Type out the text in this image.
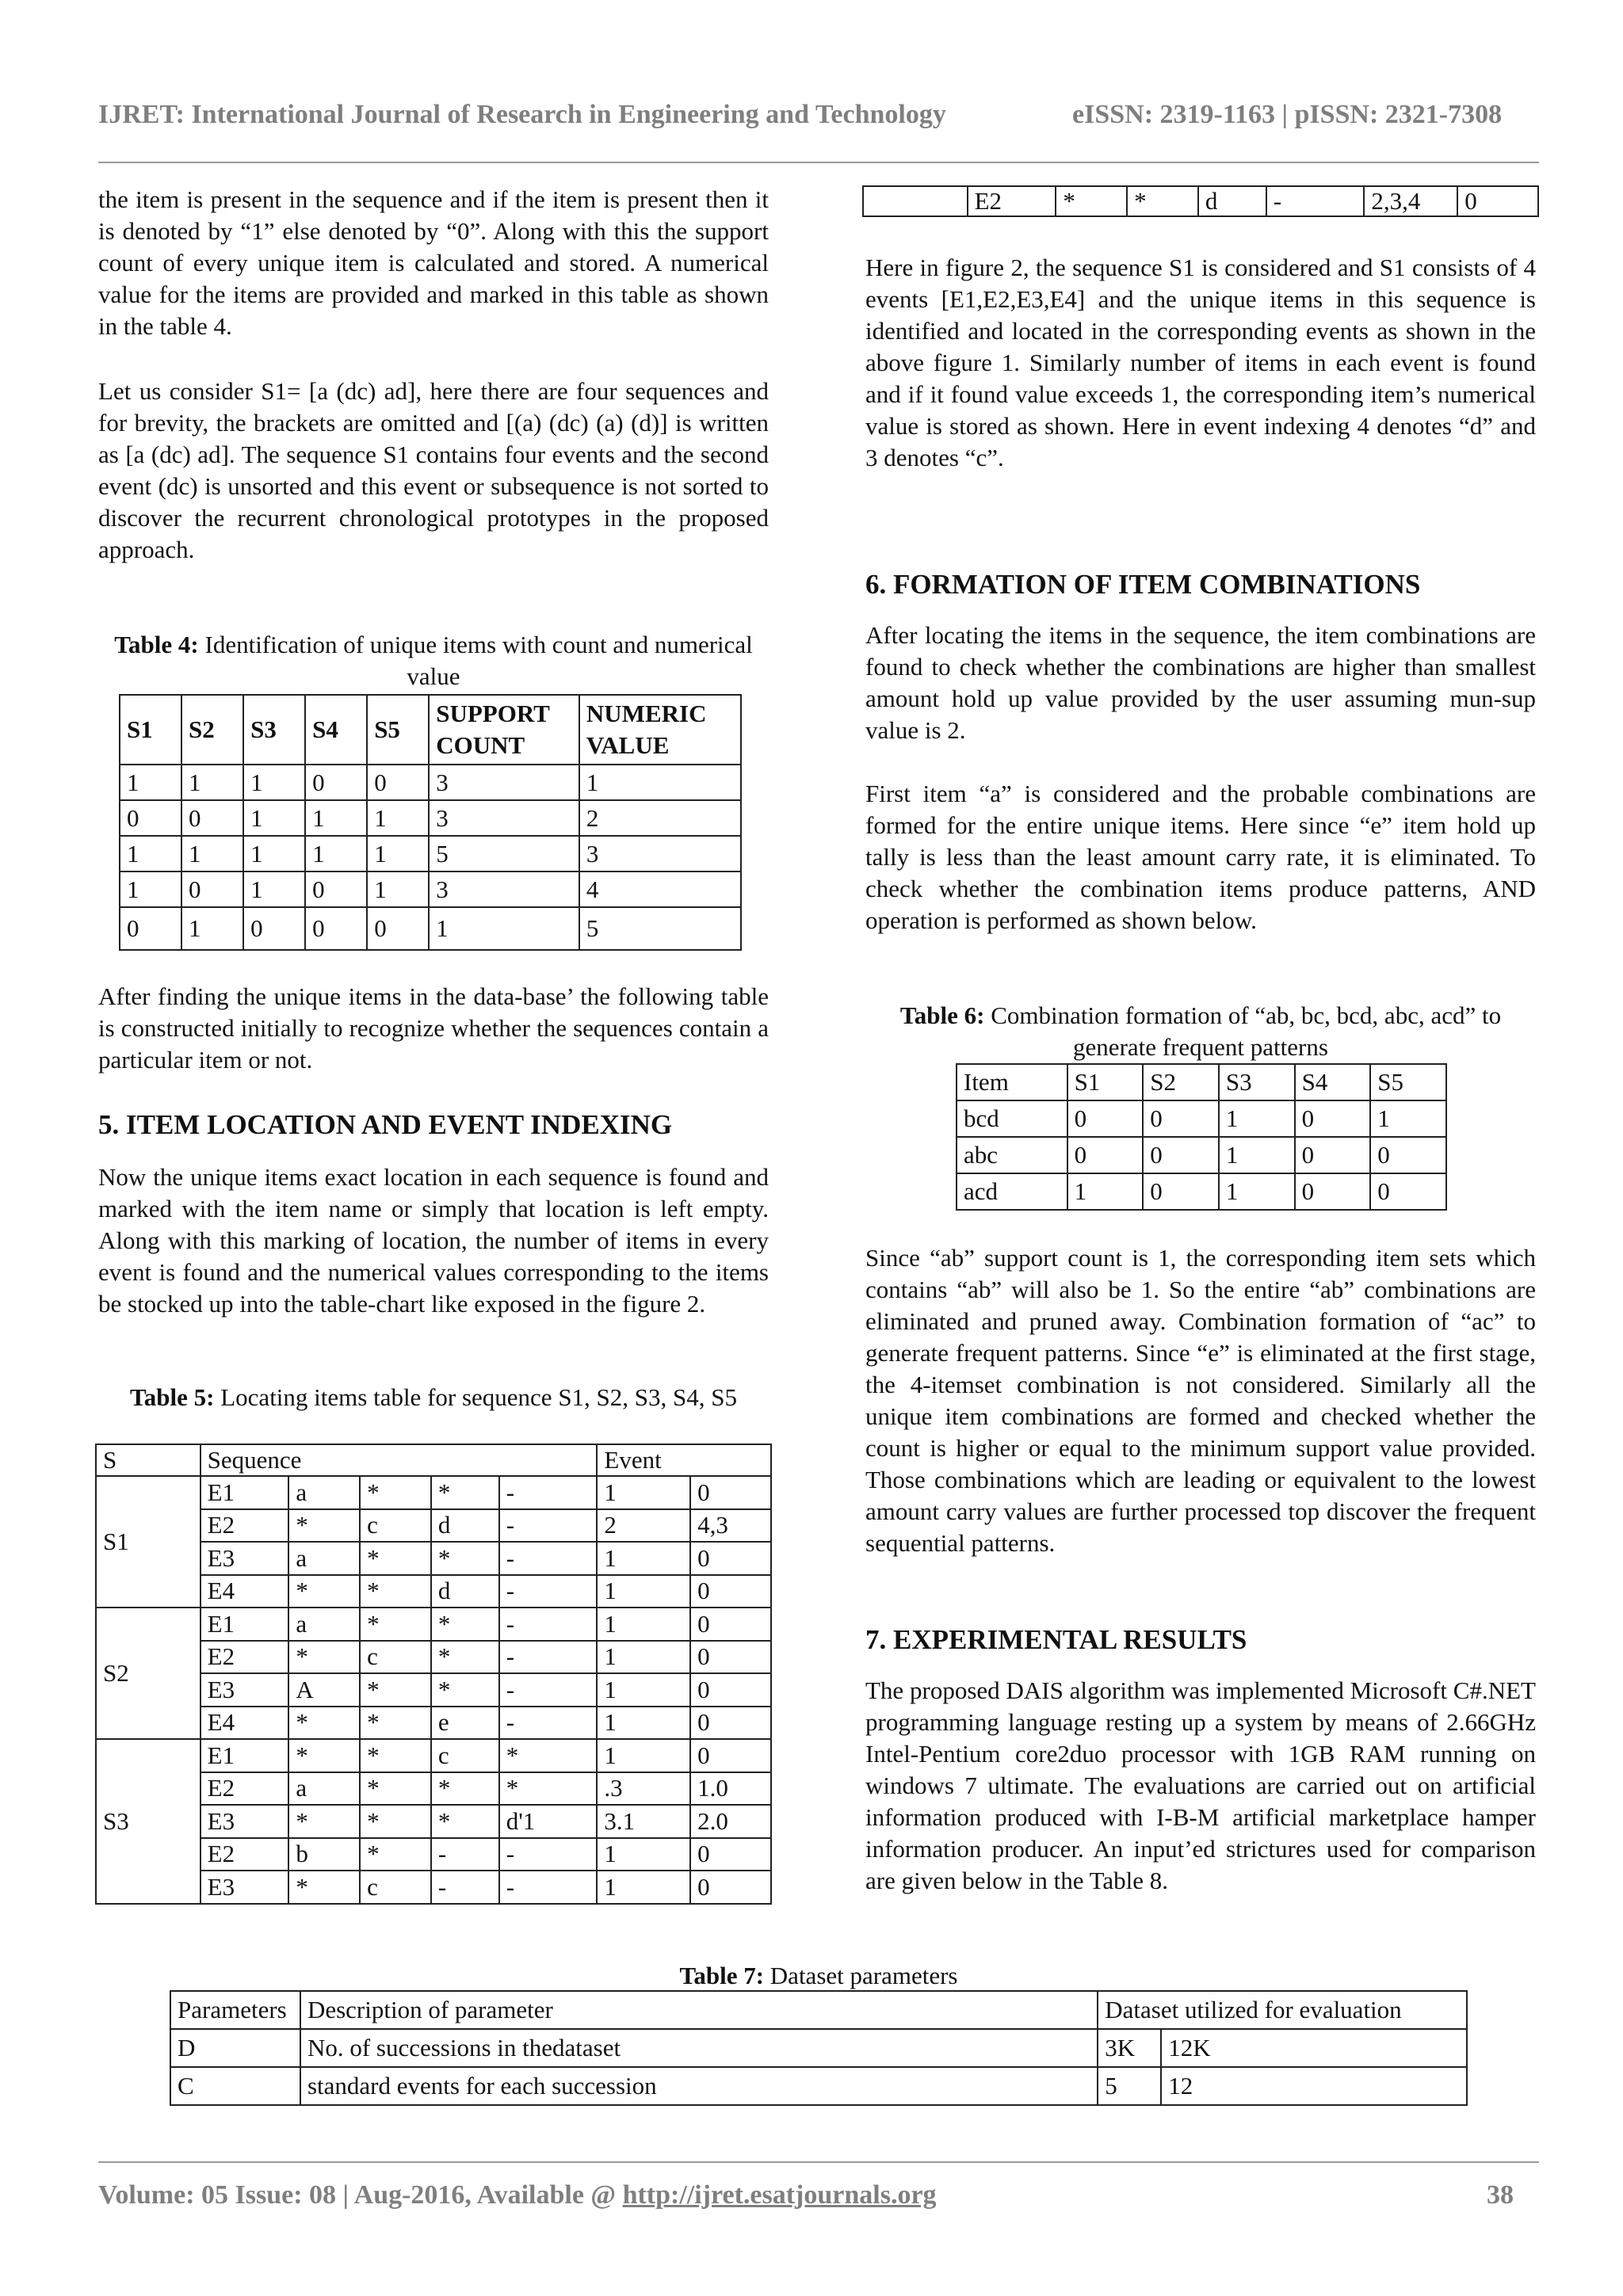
IJRET: International Journal of Research in Engineering and Technology	eISSN: 2319-1163 | pISSN: 2321-7308

the item is present in the sequence and if the item is present then it is denoted by “1” else denoted by “0”. Along with this the support count of every unique item is calculated and stored. A numerical value for the items are provided and marked in this table as shown in the table 4.

Let us consider S1= [a (dc) ad], here there are four sequences and for brevity, the brackets are omitted and [(a) (dc) (a) (d)] is written as [a (dc) ad]. The sequence S1 contains four events and the second event (dc) is unsorted and this event or subsequence is not sorted to discover the recurrent chronological prototypes in the proposed approach.

Table 4: Identification of unique items with count and numerical value
S1	S2	S3	S4	S5	SUPPORT COUNT	NUMERIC VALUE
1	1	1	0	0	3	1
0	0	1	1	1	3	2
1	1	1	1	1	5	3
1	0	1	0	1	3	4
0	1	0	0	0	1	5

After finding the unique items in the data-base’ the following table is constructed initially to recognize whether the sequences contain a particular item or not.

5. ITEM LOCATION AND EVENT INDEXING

Now the unique items exact location in each sequence is found and marked with the item name or simply that location is left empty. Along with this marking of location, the number of items in every event is found and the numerical values corresponding to the items be stocked up into the table-chart like exposed in the figure 2.

Table 5: Locating items table for sequence S1, S2, S3, S4, S5
S	Sequence					Event	
S1	E1	a	*	*	-	1	0
	E2	*	c	d	-	2	4,3
	E3	a	*	*	-	1	0
	E4	*	*	d	-	1	0
S2	E1	a	*	*	-	1	0
	E2	*	c	*	-	1	0
	E3	A	*	*	-	1	0
	E4	*	*	e	-	1	0
S3	E1	*	*	c	*	1	0
	E2	a	*	*	*	.3	1.0
	E3	*	*	*	d'1	3.1	2.0
	E2	b	*	-	-	1	0
	E3	*	c	-	-	1	0
	E2	*	*	d	-	2,3,4	0

Here in figure 2, the sequence S1 is considered and S1 consists of 4 events [E1,E2,E3,E4] and the unique items in this sequence is identified and located in the corresponding events as shown in the above figure 1. Similarly number of items in each event is found and if it found value exceeds 1, the corresponding item’s numerical value is stored as shown. Here in event indexing 4 denotes “d” and 3 denotes “c”.

6. FORMATION OF ITEM COMBINATIONS

After locating the items in the sequence, the item combinations are found to check whether the combinations are higher than smallest amount hold up value provided by the user assuming mun-sup value is 2.

First item “a” is considered and the probable combinations are formed for the entire unique items. Here since “e” item hold up tally is less than the least amount carry rate, it is eliminated. To check whether the combination items produce patterns, AND operation is performed as shown below.

Table 6: Combination formation of “ab, bc, bcd, abc, acd” to generate frequent patterns
Item	S1	S2	S3	S4	S5
bcd	0	0	1	0	1
abc	0	0	1	0	0
acd	1	0	1	0	0

Since “ab” support count is 1, the corresponding item sets which contains “ab” will also be 1. So the entire “ab” combinations are eliminated and pruned away. Combination formation of “ac” to generate frequent patterns. Since “e” is eliminated at the first stage, the 4-itemset combination is not considered. Similarly all the unique item combinations are formed and checked whether the count is higher or equal to the minimum support value provided. Those combinations which are leading or equivalent to the lowest amount carry values are further processed top discover the frequent sequential patterns.

7. EXPERIMENTAL RESULTS

The proposed DAIS algorithm was implemented Microsoft C#.NET programming language resting up a system by means of 2.66GHz Intel-Pentium core2duo processor with 1GB RAM running on windows 7 ultimate. The evaluations are carried out on artificial information produced with I-B-M artificial marketplace hamper information producer. An input’ed strictures used for comparison are given below in the Table 8.

Table 7: Dataset parameters
Parameters	Description of parameter	Dataset utilized for evaluation	
D	No. of successions in thedataset	3K	12K
C	standard events for each succession	5	12
Volume: 05 Issue: 08 | Aug-2016, Available @ http://ijret.esatjournals.org	38
